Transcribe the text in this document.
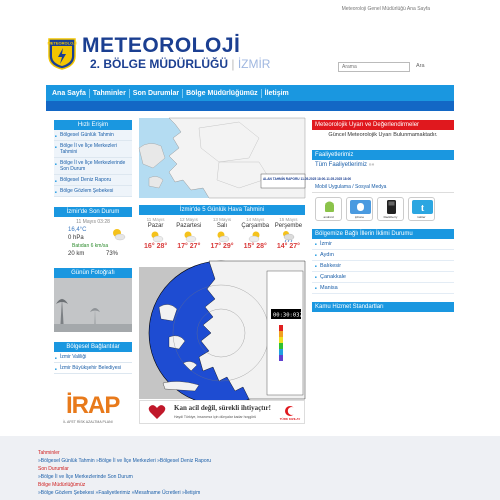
Meteoroloji Genel Müdürlüğü Ana Sayfa
METEOROLOJİ METEOROLOJİ
2. BÖLGE MÜDÜRLÜĞÜ | İZMİR
Arama	Ara
Ana Sayfa	Tahminler	Son Durumlar	Bölge Müdürlüğümüz	İletişim
Hızlı Erişim
■ Bölgesel Günlük Tahmin
■ Bölge İl ve İlçe Merkezleri Tahmini
■ Bölge İl ve İlçe Merkezlerinde Son Durum
■ Bölgesel Deniz Raporu
■ Bölge Gözlem Şebekesi
İzmir'de Son Durum
11 Mayıs 03:28
16,4°C
0 hPa
Batıdan 6 km/sa
20 km	73%
Günün Fotoğrafı
Bölgesel Bağlantılar
■ İzmir Valiliği
■ İzmir Büyükşehir Belediyesi
İRAP
İL AFET RİSK AZALTMA PLANI
ALAN TAHMİN RAPORU 11.05.2025 18:00-11.05.2025 18:00
İzmir'de 5 Günlük Hava Tahmini
11 Mayıs
Pazar
16° 28°
12 Mayıs
Pazartesi
17° 27°
13 Mayıs
Salı
17° 29°
14 Mayıs
Çarşamba
15° 28°
15 Mayıs
Perşembe
14° 27°
00:30:03Z
Kan acil değil, sürekli ihtiyaçtır!
Haydi Türkiye, insanımız için dünyalar kadar hoşgörü	TÜRK KIZILAY
Meteorolojik Uyarı ve Değerlendirmeler
Güncel Meteorolojik Uyarı Bulunmamaktadır.
Faaliyetlerimiz
Tüm Faaliyetlerimiz »»
Mobil Uygulama / Sosyal Medya
android	iphone	blackberry
t
twitter
Bölgemize Bağlı İllerin İklimi Durumu
■ İzmir
■ Aydın
■ Balıkesir
■ Çanakkale
■ Manisa
Kamu Hizmet Standartları
Tahminler
»Bölgesel Günlük Tahmin »Bölge İl ve İlçe Merkezleri »Bölgesel Deniz Raporu
Son Durumlar
»Bölge İl ve İlçe Merkezlerinde Son Durum
Bölge Müdürlüğümüz
»Bölge Gözlem Şebekesi »Faaliyetlerimiz »Mesafname Ücretleri »İletişim
